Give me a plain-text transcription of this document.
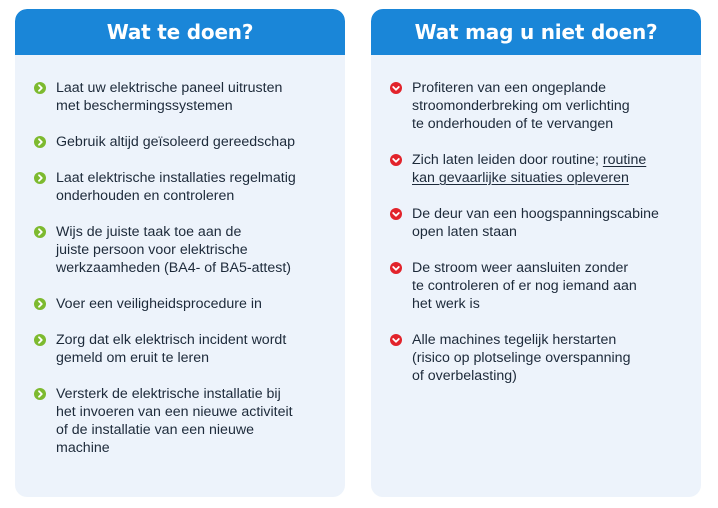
Wat te doen?
Laat uw elektrische paneel uitrusten
met beschermingssystemen
Gebruik altijd geïsoleerd gereedschap
Laat elektrische installaties regelmatig
onderhouden en controleren
Wijs de juiste taak toe aan de
juiste persoon voor elektrische
werkzaamheden (BA4- of BA5-attest)
Voer een veiligheidsprocedure in
Zorg dat elk elektrisch incident wordt
gemeld om eruit te leren
Versterk de elektrische installatie bij
het invoeren van een nieuwe activiteit
of de installatie van een nieuwe
machine
Wat mag u niet doen?
Profiteren van een ongeplande
stroomonderbreking om verlichting
te onderhouden of te vervangen
Zich laten leiden door routine; routine
kan gevaarlijke situaties opleveren
De deur van een hoogspanningscabine
open laten staan
De stroom weer aansluiten zonder
te controleren of er nog iemand aan
het werk is
Alle machines tegelijk herstarten
(risico op plotselinge overspanning
of overbelasting)
